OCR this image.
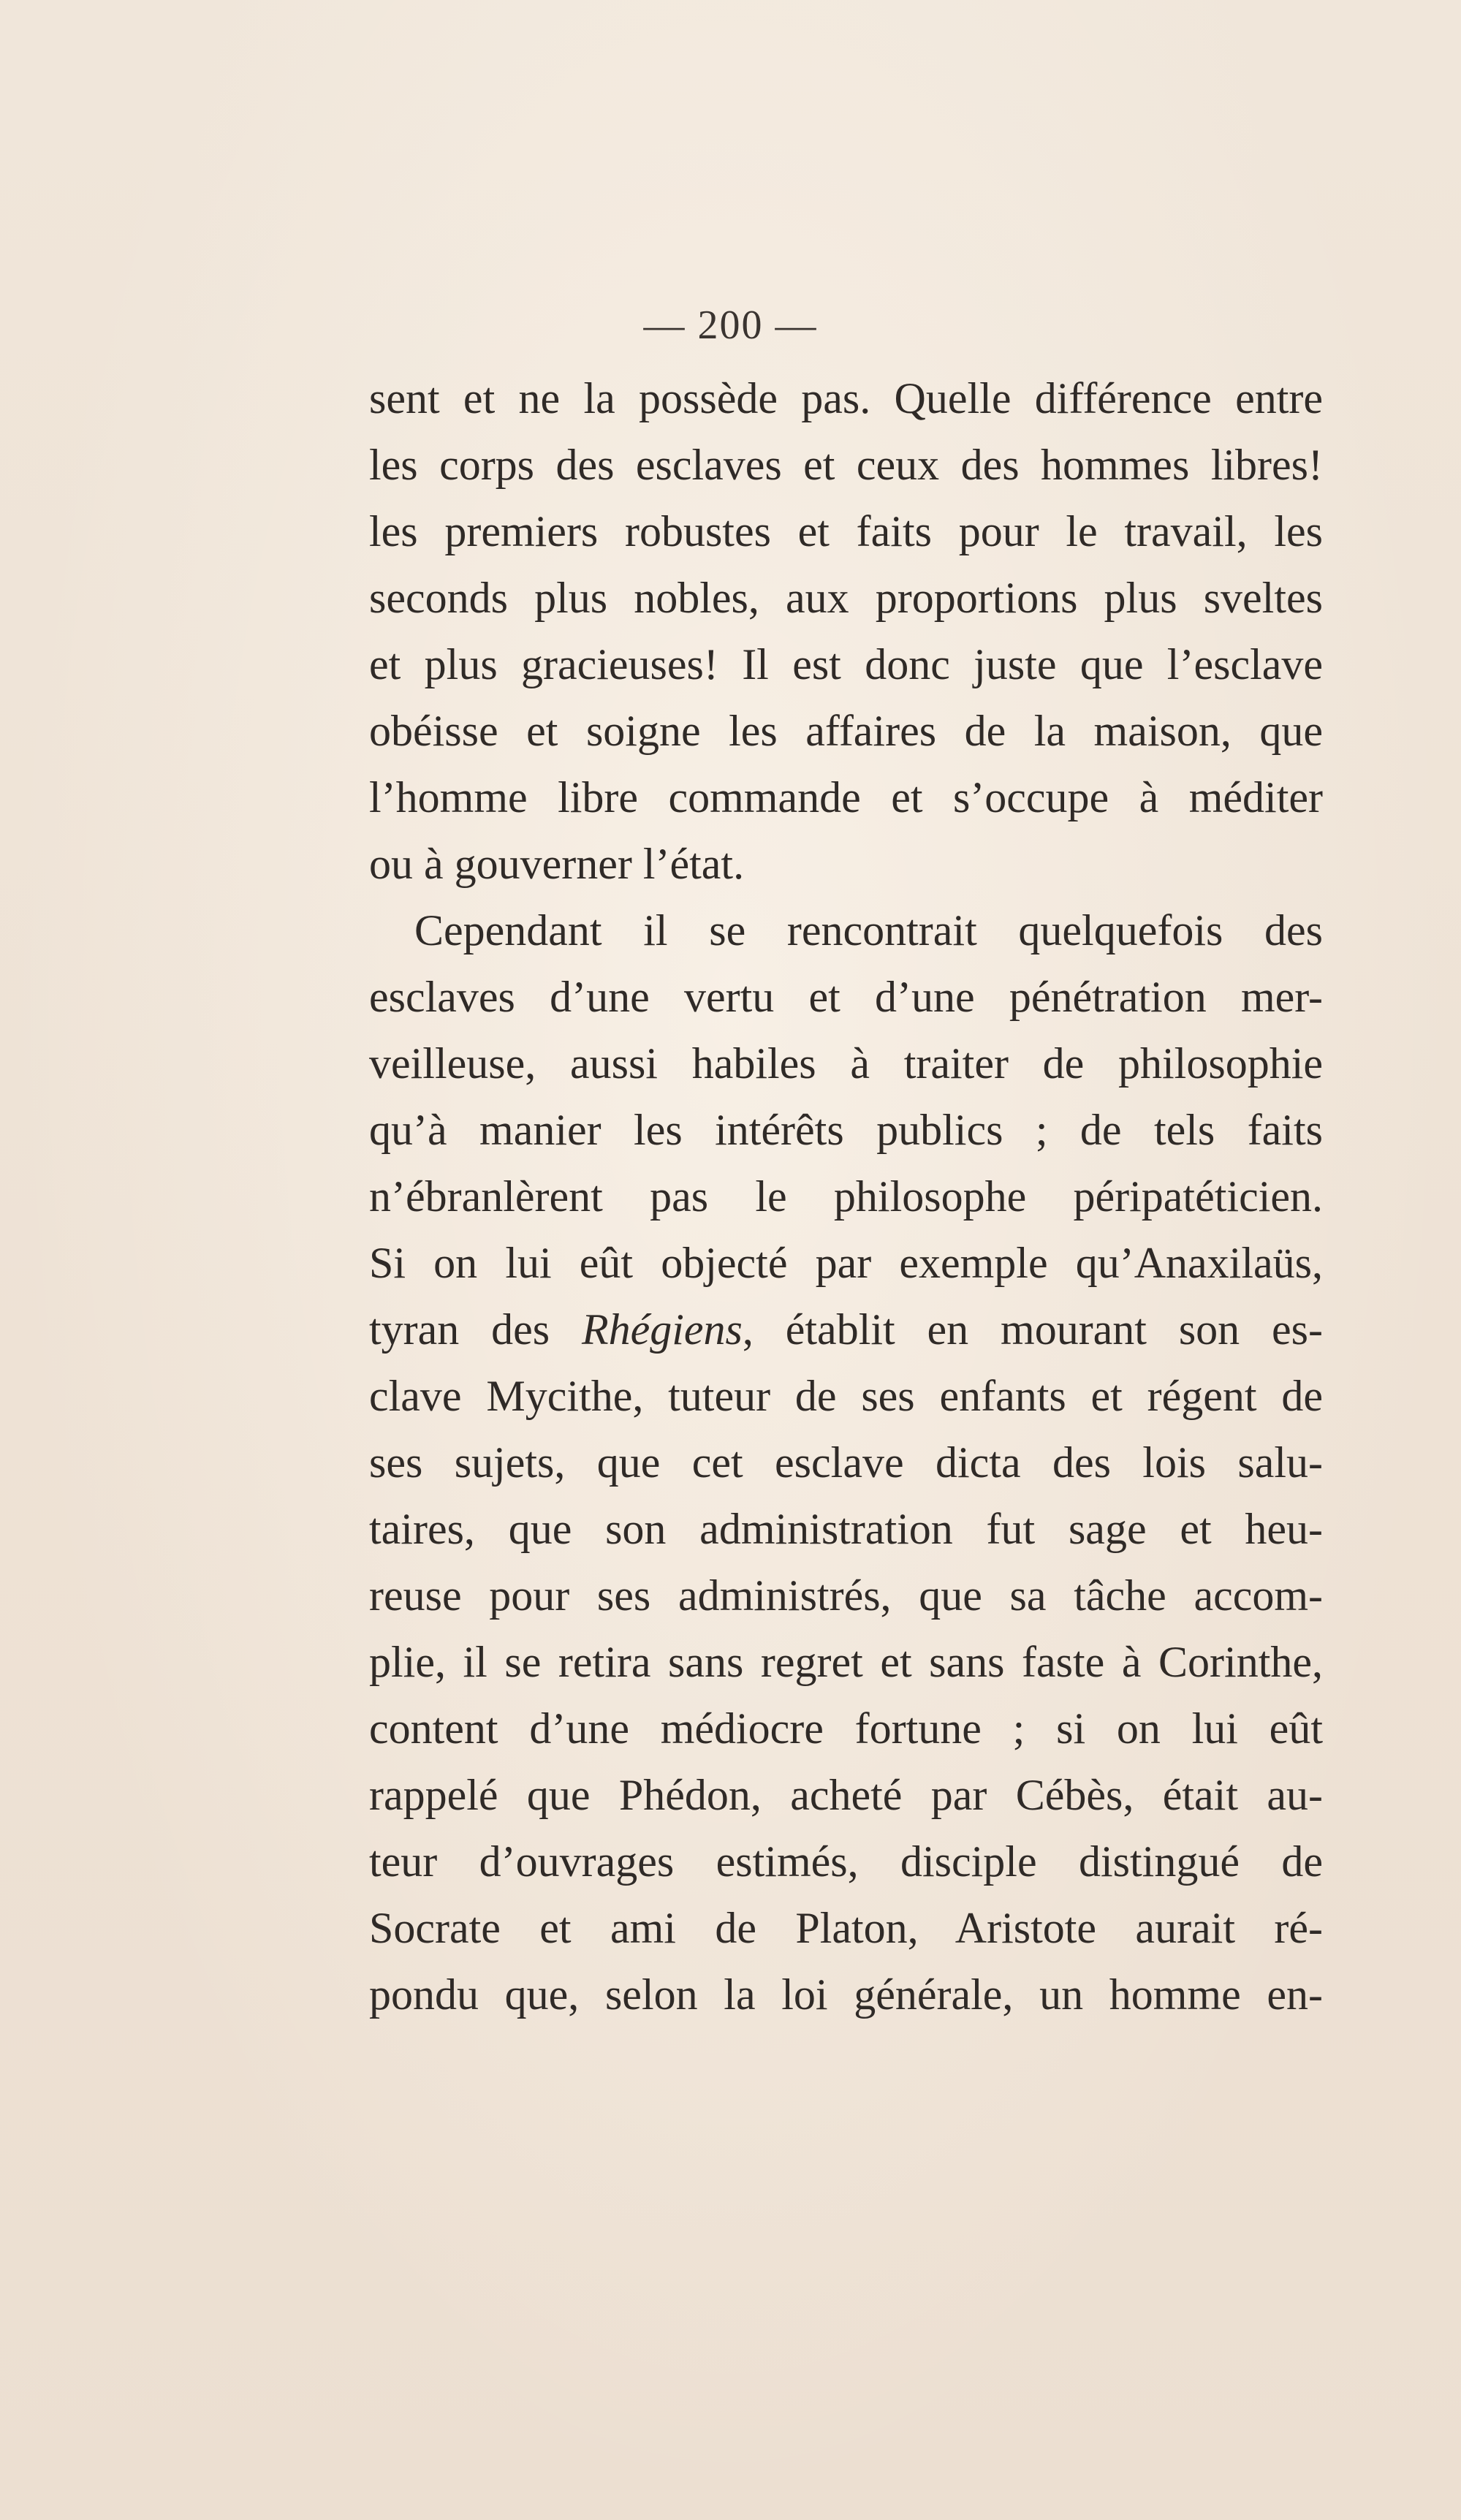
— 200 —
sent et ne la possède pas. Quelle différence entre
les corps des esclaves et ceux des hommes libres!
les premiers robustes et faits pour le travail, les
seconds plus nobles, aux proportions plus sveltes
et plus gracieuses! Il est donc juste que l’esclave
obéisse et soigne les affaires de la maison, que
l’homme libre commande et s’occupe à méditer
ou à gouverner l’état.
Cependant il se rencontrait quelquefois des
esclaves d’une vertu et d’une pénétration mer-
veilleuse, aussi habiles à traiter de philosophie
qu’à manier les intérêts publics ; de tels faits
n’ébranlèrent pas le philosophe péripatéticien.
Si on lui eût objecté par exemple qu’Anaxilaüs,
tyran des Rhégiens, établit en mourant son es-
clave Mycithe, tuteur de ses enfants et régent de
ses sujets, que cet esclave dicta des lois salu-
taires, que son administration fut sage et heu-
reuse pour ses administrés, que sa tâche accom-
plie, il se retira sans regret et sans faste à Corinthe,
content d’une médiocre fortune ; si on lui eût
rappelé que Phédon, acheté par Cébès, était au-
teur d’ouvrages estimés, disciple distingué de
Socrate et ami de Platon, Aristote aurait ré-
pondu que, selon la loi générale, un homme en-
